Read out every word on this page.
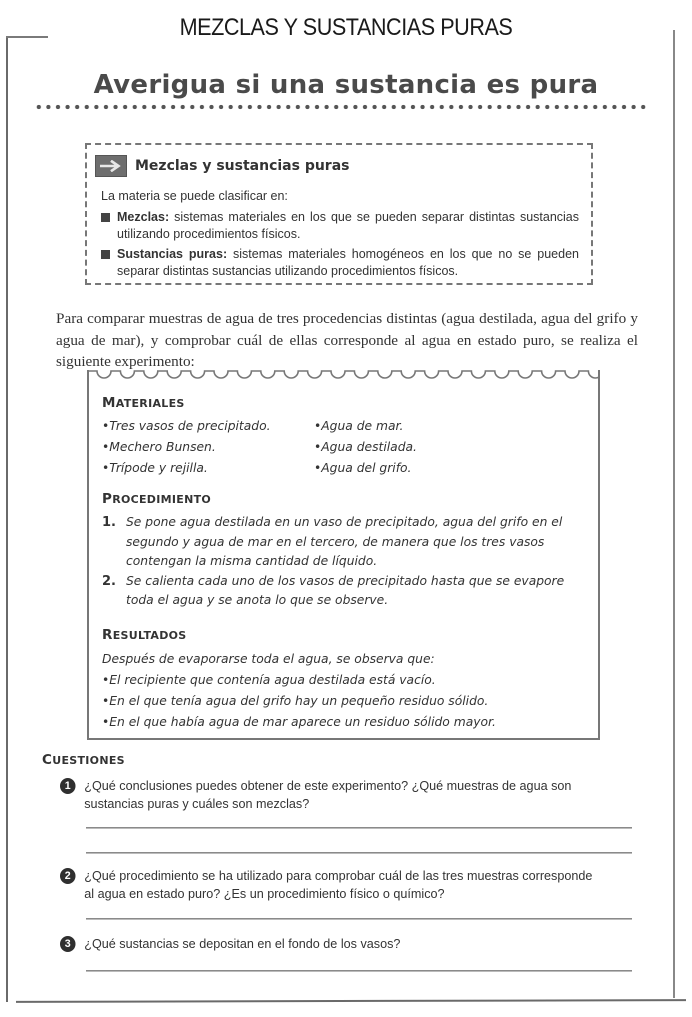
MEZCLAS Y SUSTANCIAS PURAS
Averigua si una sustancia es pura
Mezclas y sustancias puras
La materia se puede clasificar en:
Mezclas: sistemas materiales en los que se pueden separar distintas sustancias utilizando procedimientos físicos.
Sustancias puras: sistemas materiales homogéneos en los que no se pueden separar distintas sustancias utilizando procedimientos físicos.
Para comparar muestras de agua de tres procedencias distintas (agua destilada, agua del grifo y agua de mar), y comprobar cuál de ellas corresponde al agua en estado puro, se realiza el siguiente experimento:
MATERIALES
• Tres vasos de precipitado.	• Agua de mar.
• Mechero Bunsen.	• Agua destilada.
• Trípode y rejilla.	• Agua del grifo.
PROCEDIMIENTO
1. Se pone agua destilada en un vaso de precipitado, agua del grifo en el segundo y agua de mar en el tercero, de manera que los tres vasos contengan la misma cantidad de líquido.
2. Se calienta cada uno de los vasos de precipitado hasta que se evapore toda el agua y se anota lo que se observe.
RESULTADOS
Después de evaporarse toda el agua, se observa que:
• El recipiente que contenía agua destilada está vacío.
• En el que tenía agua del grifo hay un pequeño residuo sólido.
• En el que había agua de mar aparece un residuo sólido mayor.
CUESTIONES
1	¿Qué conclusiones puedes obtener de este experimento? ¿Qué muestras de agua son sustancias puras y cuáles son mezclas?
2	¿Qué procedimiento se ha utilizado para comprobar cuál de las tres muestras corresponde al agua en estado puro? ¿Es un procedimiento físico o químico?
3	¿Qué sustancias se depositan en el fondo de los vasos?
